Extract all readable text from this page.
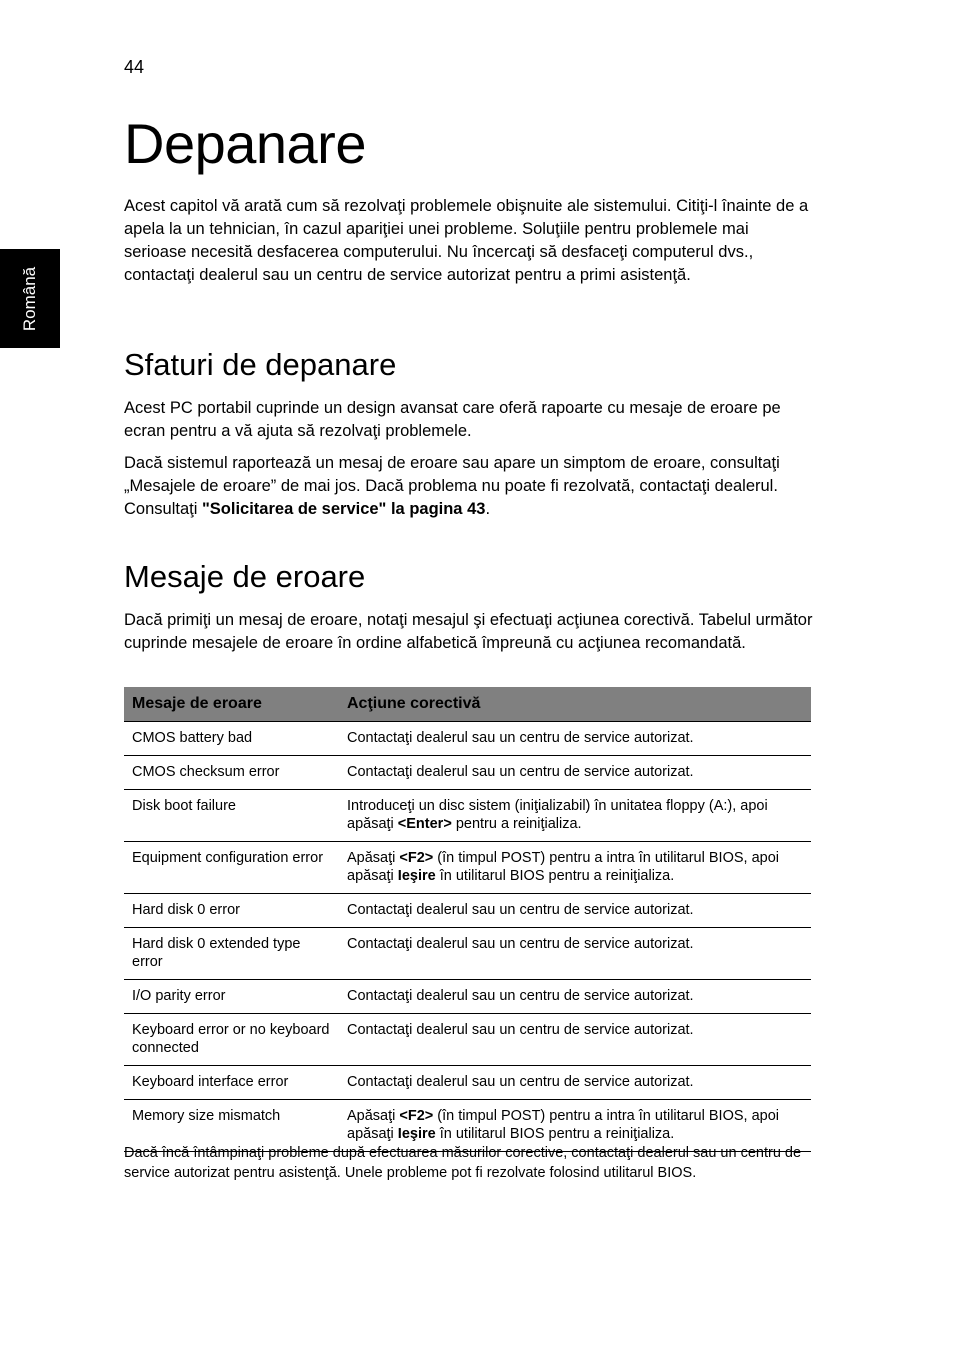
44
Română
Depanare

Acest capitol vă arată cum să rezolvaţi problemele obişnuite ale sistemului. Citiţi-l înainte de a apela la un tehnician, în cazul apariţiei unei probleme. Soluţiile pentru problemele mai serioase necesită desfacerea computerului. Nu încercaţi să desfaceţi computerul dvs., contactaţi dealerul sau un centru de service autorizat pentru a primi asistenţă.

Sfaturi de depanare

Acest PC portabil cuprinde un design avansat care oferă rapoarte cu mesaje de eroare pe ecran pentru a vă ajuta să rezolvaţi problemele.

Dacă sistemul raportează un mesaj de eroare sau apare un simptom de eroare, consultaţi „Mesajele de eroare” de mai jos. Dacă problema nu poate fi rezolvată, contactaţi dealerul. Consultaţi "Solicitarea de service" la pagina 43.

Mesaje de eroare

Dacă primiţi un mesaj de eroare, notaţi mesajul şi efectuaţi acţiunea corectivă. Tabelul următor cuprinde mesajele de eroare în ordine alfabetică împreună cu acţiunea recomandată.

Mesaje de eroare	Acţiune corectivă
CMOS battery bad	Contactaţi dealerul sau un centru de service autorizat.
CMOS checksum error	Contactaţi dealerul sau un centru de service autorizat.
Disk boot failure	Introduceţi un disc sistem (iniţializabil) în unitatea floppy (A:), apoi apăsaţi <Enter> pentru a reiniţializa.
Equipment configuration error	Apăsaţi <F2> (în timpul POST) pentru a intra în utilitarul BIOS, apoi apăsaţi Ieşire în utilitarul BIOS pentru a reiniţializa.
Hard disk 0 error	Contactaţi dealerul sau un centru de service autorizat.
Hard disk 0 extended type error	Contactaţi dealerul sau un centru de service autorizat.
I/O parity error	Contactaţi dealerul sau un centru de service autorizat.
Keyboard error or no keyboard connected	Contactaţi dealerul sau un centru de service autorizat.
Keyboard interface error	Contactaţi dealerul sau un centru de service autorizat.
Memory size mismatch	Apăsaţi <F2> (în timpul POST) pentru a intra în utilitarul BIOS, apoi apăsaţi Ieşire în utilitarul BIOS pentru a reiniţializa.

Dacă încă întâmpinaţi probleme după efectuarea măsurilor corective, contactaţi dealerul sau un centru de service autorizat pentru asistenţă. Unele probleme pot fi rezolvate folosind utilitarul BIOS.
